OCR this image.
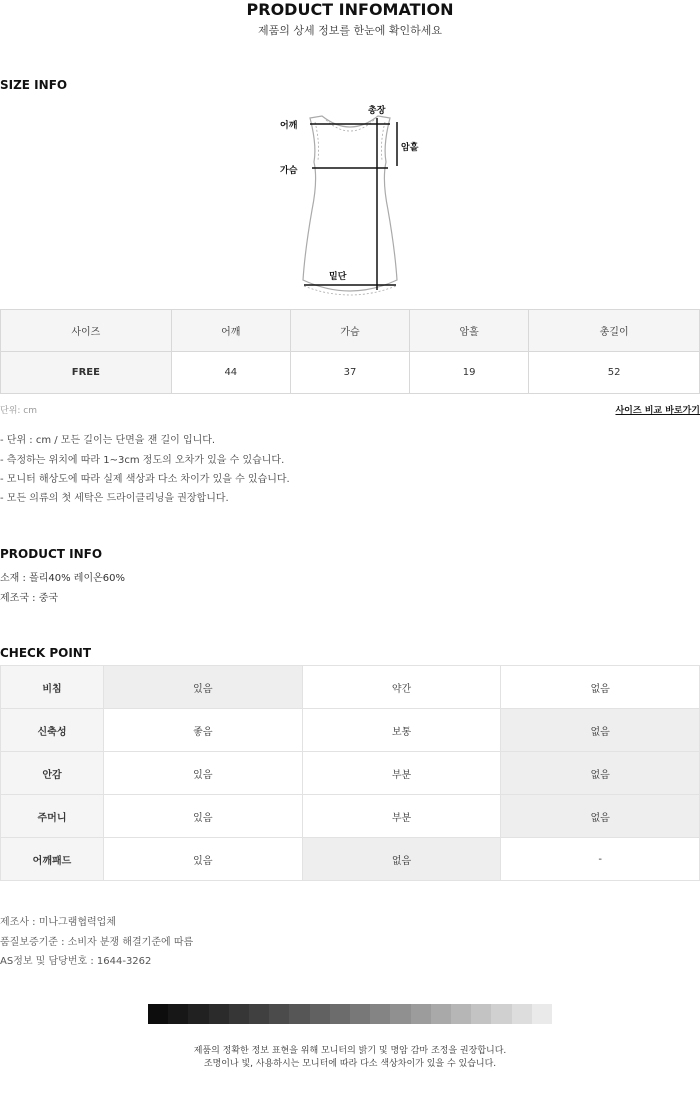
PRODUCT INFOMATION
제품의 상세 정보를 한눈에 확인하세요
SIZE INFO
어깨
가슴
총장
암홀
밑단
사이즈	어깨	가슴	암홀	총길이
FREE	44	37	19	52
단위: cm	사이즈 비교 바로가기
- 단위 : cm / 모든 길이는 단면을 잰 길이 입니다.
- 측정하는 위치에 따라 1~3cm 정도의 오차가 있을 수 있습니다.
- 모니터 해상도에 따라 실제 색상과 다소 차이가 있을 수 있습니다.
- 모든 의류의 첫 세탁은 드라이클리닝을 권장합니다.
PRODUCT INFO
소재 : 폴리40% 레이온60%
제조국 : 중국
CHECK POINT
비침	있음	약간	없음
신축성	좋음	보통	없음
안감	있음	부분	없음
주머니	있음	부분	없음
어깨패드	있음	없음	-
제조사 : 미나그램협력업체
품질보증기준 : 소비자 분쟁 해결기준에 따름
AS정보 및 담당번호 : 1644-3262
제품의 정확한 정보 표현을 위해 모니터의 밝기 및 명암 감마 조정을 권장합니다.
조명이나 빛, 사용하시는 모니터에 따라 다소 색상차이가 있을 수 있습니다.
